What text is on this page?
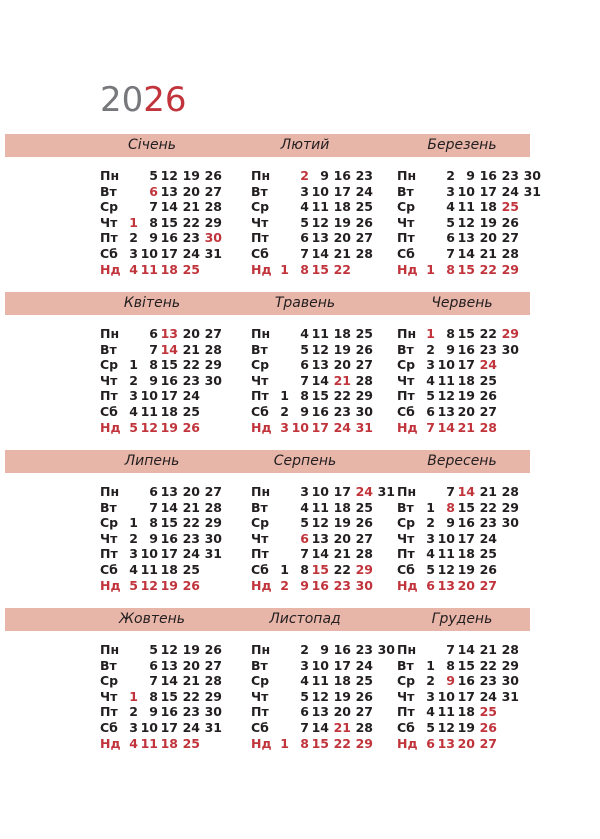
2026
Січень	Лютий	Березень
Пн	5 12 19 26
Вт	6 13 20 27
Ср	7 14 21 28
Чт 1 8 15 22 29
Пт 2 9 16 23 30
Сб 3 10 17 24 31
Нд 4 11 18 25
Пн	2 9 16 23
Вт	3 10 17 24
Ср	4 11 18 25
Чт	5 12 19 26
Пт	6 13 20 27
Сб	7 14 21 28
Нд 1 8 15 22
Пн	2 9 16 23 30
Вт	3 10 17 24 31
Ср	4 11 18 25
Чт	5 12 19 26
Пт	6 13 20 27
Сб	7 14 21 28
Нд 1 8 15 22 29
Квітень	Травень	Червень
Пн	6 13 20 27
Вт	7 14 21 28
Ср 1 8 15 22 29
Чт 2 9 16 23 30
Пт 3 10 17 24
Сб 4 11 18 25
Нд 5 12 19 26
Пн	4 11 18 25
Вт	5 12 19 26
Ср	6 13 20 27
Чт	7 14 21 28
Пт 1 8 15 22 29
Сб 2 9 16 23 30
Нд 3 10 17 24 31
Пн 1 8 15 22 29
Вт	2 9 16 23 30
Ср 3 10 17 24
Чт 4 11 18 25
Пт 5 12 19 26
Сб 6 13 20 27
Нд 7 14 21 28
Липень	Серпень	Вересень
Пн	6 13 20 27
Вт	7 14 21 28
Ср 1 8 15 22 29
Чт 2 9 16 23 30
Пт 3 10 17 24 31
Сб 4 11 18 25
Нд 5 12 19 26
Пн	3 10 17 24 31
Вт	4 11 18 25
Ср	5 12 19 26
Чт	6 13 20 27
Пт	7 14 21 28
Сб 1 8 15 22 29
Нд 2 9 16 23 30
Пн	7 14 21 28
Вт	1 8 15 22 29
Ср 2 9 16 23 30
Чт 3 10 17 24
Пт 4 11 18 25
Сб 5 12 19 26
Нд 6 13 20 27
Жовтень	Листопад	Грудень
Пн	5 12 19 26
Вт	6 13 20 27
Ср	7 14 21 28
Чт 1 8 15 22 29
Пт 2 9 16 23 30
Сб 3 10 17 24 31
Нд 4 11 18 25
Пн	2 9 16 23 30
Вт	3 10 17 24
Ср	4 11 18 25
Чт	5 12 19 26
Пт	6 13 20 27
Сб	7 14 21 28
Нд 1 8 15 22 29
Пн	7 14 21 28
Вт	1 8 15 22 29
Ср 2 9 16 23 30
Чт 3 10 17 24 31
Пт 4 11 18 25
Сб 5 12 19 26
Нд 6 13 20 27
